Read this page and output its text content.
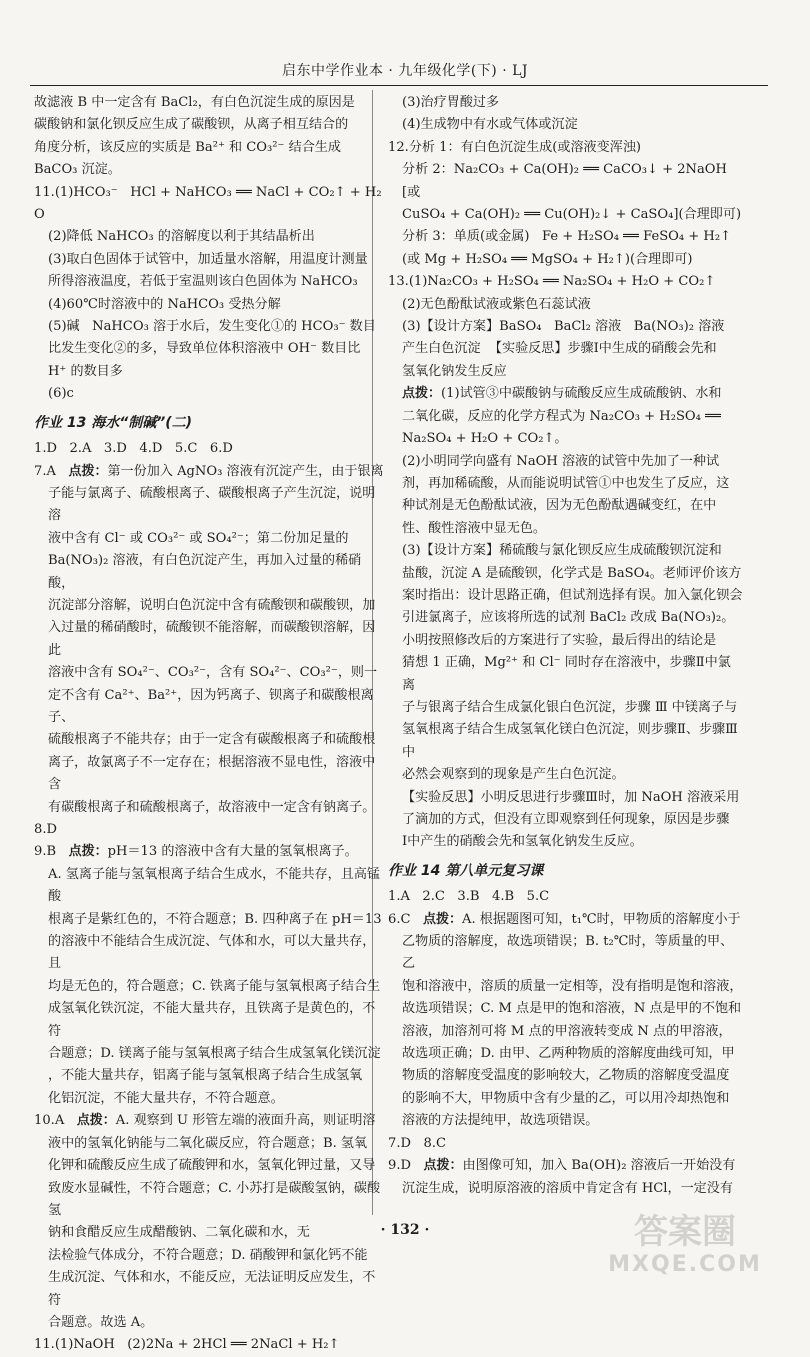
启东中学作业本 · 九年级化学(下) · LJ
故滤液 B 中一定含有 BaCl₂，有白色沉淀生成的原因是
碳酸钠和氯化钡反应生成了碳酸钡，从离子相互结合的
角度分析，该反应的实质是 Ba²⁺ 和 CO₃²⁻ 结合生成
BaCO₃ 沉淀。
11.(1)HCO₃⁻   HCl + NaHCO₃ ══ NaCl + CO₂↑ + H₂O
(2)降低 NaHCO₃ 的溶解度以利于其结晶析出
(3)取白色固体于试管中，加适量水溶解，用温度计测量
所得溶液温度，若低于室温则该白色固体为 NaHCO₃
(4)60℃时溶液中的 NaHCO₃ 受热分解
(5)碱   NaHCO₃ 溶于水后，发生变化①的 HCO₃⁻ 数目
比发生变化②的多，导致单位体积溶液中 OH⁻ 数目比
H⁺ 的数目多
(6)c
作业 13 海水“制碱”(二)
1.D   2.A   3.D   4.D   5.C   6.D
7.A   点拨：第一份加入 AgNO₃ 溶液有沉淀产生，由于银离
子能与氯离子、硫酸根离子、碳酸根离子产生沉淀，说明溶
液中含有 Cl⁻ 或 CO₃²⁻ 或 SO₄²⁻；第二份加足量的
Ba(NO₃)₂ 溶液，有白色沉淀产生，再加入过量的稀硝酸，
沉淀部分溶解，说明白色沉淀中含有硫酸钡和碳酸钡，加
入过量的稀硝酸时，硫酸钡不能溶解，而碳酸钡溶解，因此
溶液中含有 SO₄²⁻、CO₃²⁻，含有 SO₄²⁻、CO₃²⁻，则一
定不含有 Ca²⁺、Ba²⁺，因为钙离子、钡离子和碳酸根离子、
硫酸根离子不能共存；由于一定含有碳酸根离子和硫酸根
离子，故氯离子不一定存在；根据溶液不显电性，溶液中含
有碳酸根离子和硫酸根离子，故溶液中一定含有钠离子。
8.D
9.B   点拨：pH＝13 的溶液中含有大量的氢氧根离子。
A. 氢离子能与氢氧根离子结合生成水，不能共存，且高锰酸
根离子是紫红色的，不符合题意；B. 四种离子在 pH＝13
的溶液中不能结合生成沉淀、气体和水，可以大量共存，且
均是无色的，符合题意；C. 铁离子能与氢氧根离子结合生
成氢氧化铁沉淀，不能大量共存，且铁离子是黄色的，不符
合题意；D. 镁离子能与氢氧根离子结合生成氢氧化镁沉淀
，不能大量共存，铝离子能与氢氧根离子结合生成氢氧
化铝沉淀，不能大量共存，不符合题意。
10.A   点拨：A. 观察到 U 形管左端的液面升高，则证明溶
液中的氢氧化钠能与二氧化碳反应，符合题意；B. 氢氧
化钾和硫酸反应生成了硫酸钾和水，氢氧化钾过量，又导
致废水显碱性，不符合题意；C. 小苏打是碳酸氢钠，碳酸氢
钠和食醋反应生成醋酸钠、二氧化碳和水，无
法检验气体成分，不符合题意；D. 硝酸钾和氯化钙不能
生成沉淀、气体和水，不能反应，无法证明反应发生，不符
合题意。故选 A。
11.(1)NaOH   (2)2Na + 2HCl ══ 2NaCl + H₂↑
(3)治疗胃酸过多
(4)生成物中有水或气体或沉淀
12.分析 1：有白色沉淀生成(或溶液变浑浊)
分析 2：Na₂CO₃ + Ca(OH)₂ ══ CaCO₃↓ + 2NaOH[或
CuSO₄ + Ca(OH)₂ ══ Cu(OH)₂↓ + CaSO₄](合理即可)
分析 3：单质(或金属)   Fe + H₂SO₄ ══ FeSO₄ + H₂↑
(或 Mg + H₂SO₄ ══ MgSO₄ + H₂↑)(合理即可)
13.(1)Na₂CO₃ + H₂SO₄ ══ Na₂SO₄ + H₂O + CO₂↑
(2)无色酚酞试液或紫色石蕊试液
(3)【设计方案】BaSO₄   BaCl₂ 溶液   Ba(NO₃)₂ 溶液
产生白色沉淀  【实验反思】步骤Ⅰ中生成的硝酸会先和
氢氧化钠发生反应
点拨：(1)试管③中碳酸钠与硫酸反应生成硫酸钠、水和
二氧化碳，反应的化学方程式为 Na₂CO₃ + H₂SO₄ ══
Na₂SO₄ + H₂O + CO₂↑。
(2)小明同学向盛有 NaOH 溶液的试管中先加了一种试
剂，再加稀硫酸，从而能说明试管①中也发生了反应，这
种试剂是无色酚酞试液，因为无色酚酞遇碱变红，在中
性、酸性溶液中显无色。
(3)【设计方案】稀硫酸与氯化钡反应生成硫酸钡沉淀和
盐酸，沉淀 A 是硫酸钡，化学式是 BaSO₄。老师评价该方
案时指出：设计思路正确，但试剂选择有误。加入氯化钡会
引进氯离子，应该将所选的试剂 BaCl₂ 改成 Ba(NO₃)₂。
小明按照修改后的方案进行了实验，最后得出的结论是
猜想 1 正确，Mg²⁺ 和 Cl⁻ 同时存在溶液中，步骤Ⅱ中氯离
子与银离子结合生成氯化银白色沉淀，步骤 Ⅲ 中镁离子与
氢氧根离子结合生成氢氧化镁白色沉淀，则步骤Ⅱ、步骤Ⅲ中
必然会观察到的现象是产生白色沉淀。
【实验反思】小明反思进行步骤Ⅲ时，加 NaOH 溶液采用
了滴加的方式，但没有立即观察到任何现象，原因是步骤
Ⅰ中产生的硝酸会先和氢氧化钠发生反应。
作业 14 第八单元复习课
1.A   2.C   3.B   4.B   5.C
6.C   点拨：A. 根据题图可知，t₁℃时，甲物质的溶解度小于
乙物质的溶解度，故选项错误；B. t₂℃时，等质量的甲、乙
饱和溶液中，溶质的质量一定相等，没有指明是饱和溶液，
故选项错误；C. M 点是甲的饱和溶液，N 点是甲的不饱和
溶液，加溶剂可将 M 点的甲溶液转变成 N 点的甲溶液，
故选项正确；D. 由甲、乙两种物质的溶解度曲线可知，甲
物质的溶解度受温度的影响较大，乙物质的溶解度受温度
的影响不大，甲物质中含有少量的乙，可以用冷却热饱和
溶液的方法提纯甲，故选项错误。
7.D   8.C
9.D   点拨：由图像可知，加入 Ba(OH)₂ 溶液后一开始没有
沉淀生成，说明原溶液的溶质中肯定含有 HCl，一定没有
· 132 ·	答案圈
MXQE.COM
